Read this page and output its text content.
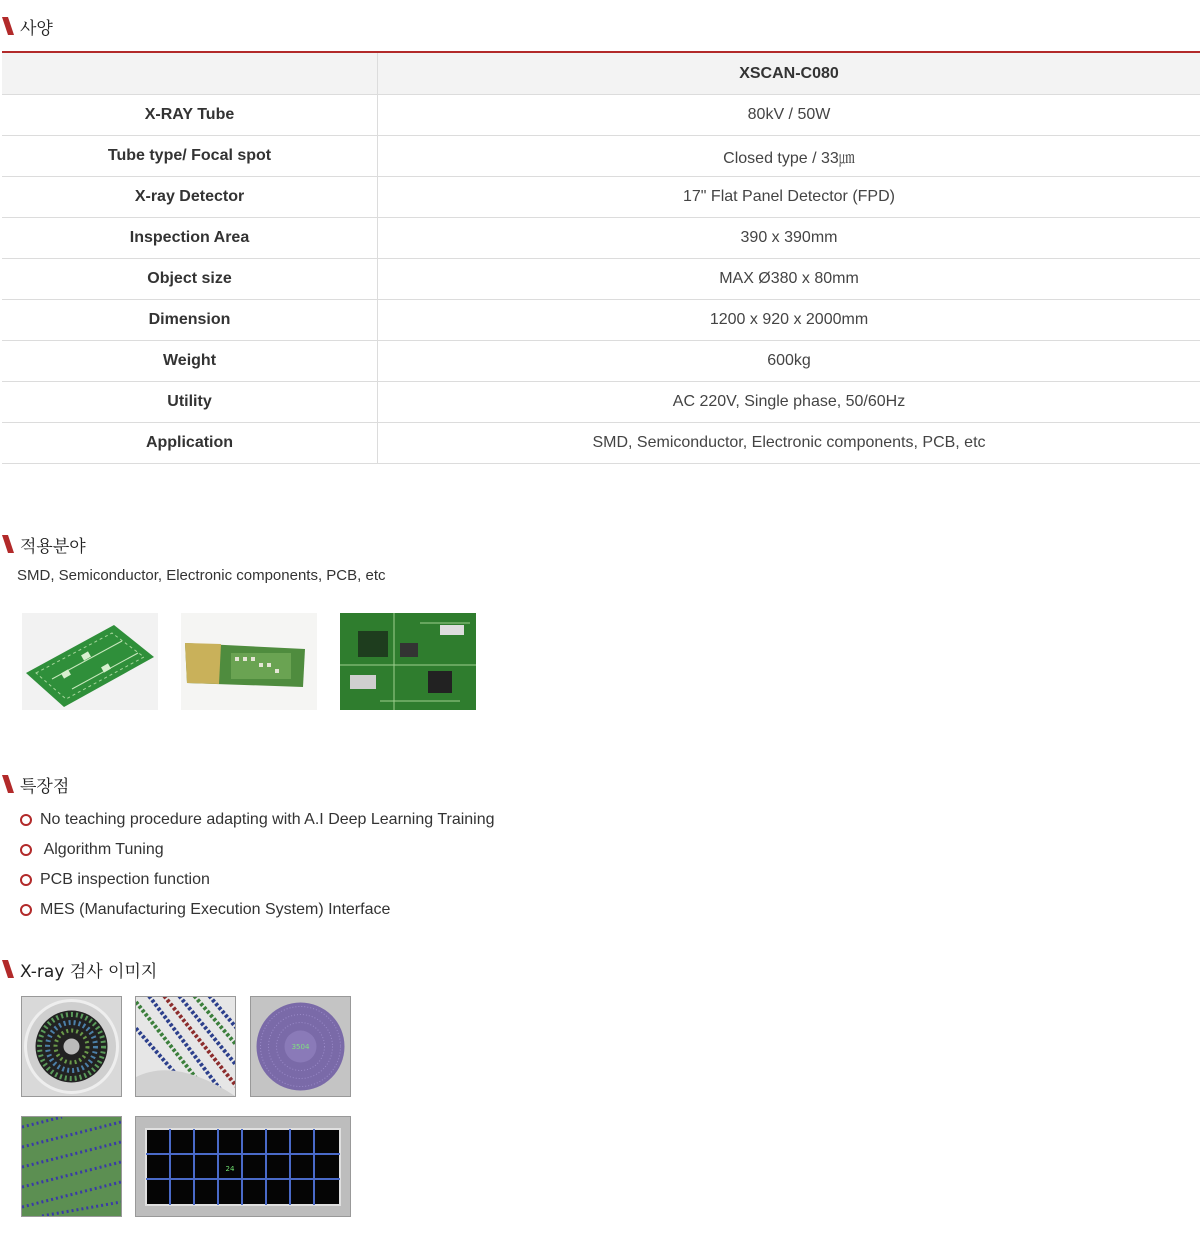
사양
	XSCAN-C080
X-RAY Tube	80kV / 50W
Tube type/ Focal spot	Closed type / 33㎛
X-ray Detector	17" Flat Panel Detector (FPD)
Inspection Area	390 x 390mm
Object size	MAX Ø380 x 80mm
Dimension	1200 x 920 x 2000mm
Weight	600kg
Utility	AC 220V, Single phase, 50/60Hz
Application	SMD, Semiconductor, Electronic components, PCB, etc
적용분야
SMD, Semiconductor, Electronic components, PCB, etc
특장점
No teaching procedure adapting with A.I Deep Learning Training
Algorithm Tuning
PCB inspection function
MES (Manufacturing Execution System) Interface
X-ray 검사 이미지
3504
24
